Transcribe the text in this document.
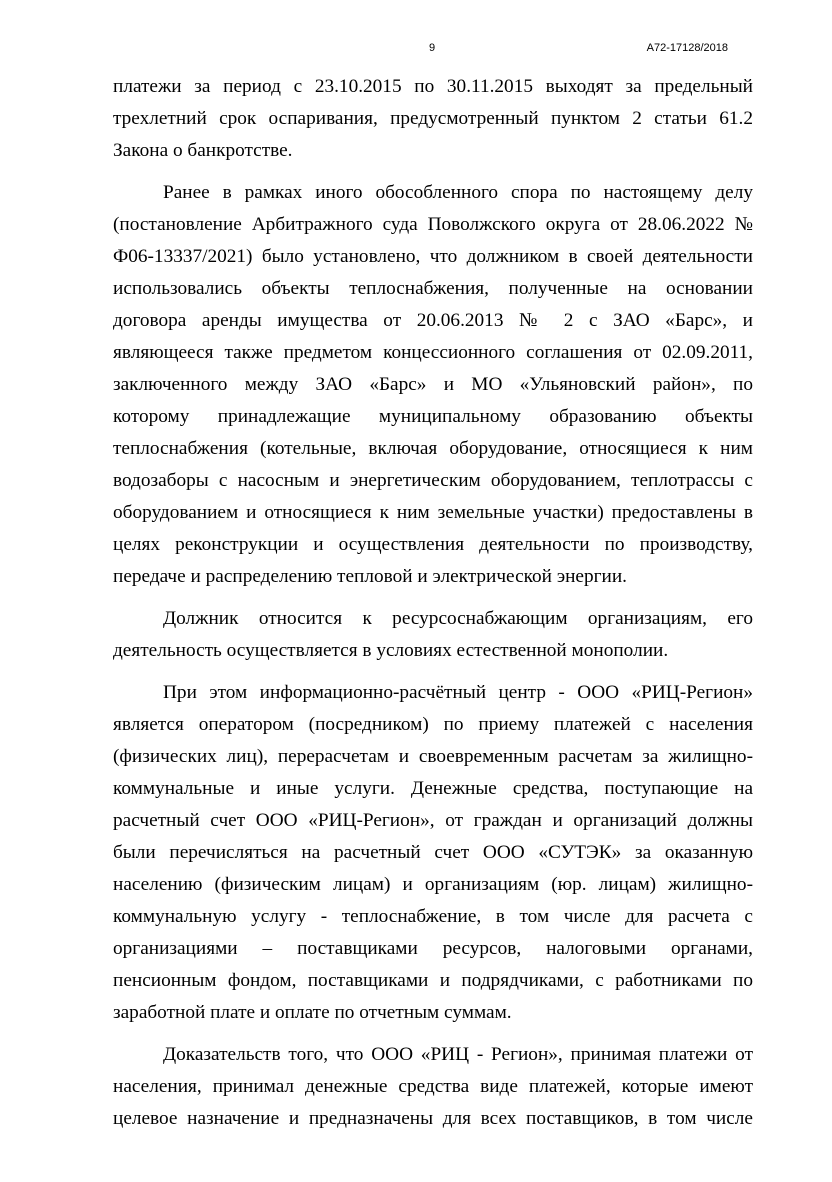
9	А72-17128/2018
платежи за период с 23.10.2015 по 30.11.2015 выходят за предельный
трехлетний срок оспаривания, предусмотренный пунктом 2 статьи 61.2
Закона о банкротстве.
Ранее в рамках иного обособленного спора по настоящему делу
(постановление Арбитражного суда Поволжского округа от 28.06.2022 №
Ф06-13337/2021) было установлено, что должником в своей деятельности
использовались объекты теплоснабжения, полученные на основании
договора аренды имущества от 20.06.2013 № 2 с ЗАО «Барс», и
являющееся также предметом концессионного соглашения от 02.09.2011,
заключенного между ЗАО «Барс» и МО «Ульяновский район», по
которому принадлежащие муниципальному образованию объекты
теплоснабжения (котельные, включая оборудование, относящиеся к ним
водозаборы с насосным и энергетическим оборудованием, теплотрассы с
оборудованием и относящиеся к ним земельные участки) предоставлены в
целях реконструкции и осуществления деятельности по производству,
передаче и распределению тепловой и электрической энергии.
Должник относится к ресурсоснабжающим организациям, его
деятельность осуществляется в условиях естественной монополии.
При этом информационно-расчётный центр - ООО «РИЦ-Регион»
является оператором (посредником) по приему платежей с населения
(физических лиц), перерасчетам и своевременным расчетам за жилищно-
коммунальные и иные услуги. Денежные средства, поступающие на
расчетный счет ООО «РИЦ-Регион», от граждан и организаций должны
были перечисляться на расчетный счет ООО «СУТЭК» за оказанную
населению (физическим лицам) и организациям (юр. лицам) жилищно-
коммунальную услугу - теплоснабжение, в том числе для расчета с
организациями – поставщиками ресурсов, налоговыми органами,
пенсионным фондом, поставщиками и подрядчиками, с работниками по
заработной плате и оплате по отчетным суммам.
Доказательств того, что ООО «РИЦ - Регион», принимая платежи от
населения, принимал денежные средства виде платежей, которые имеют
целевое назначение и предназначены для всех поставщиков, в том числе
